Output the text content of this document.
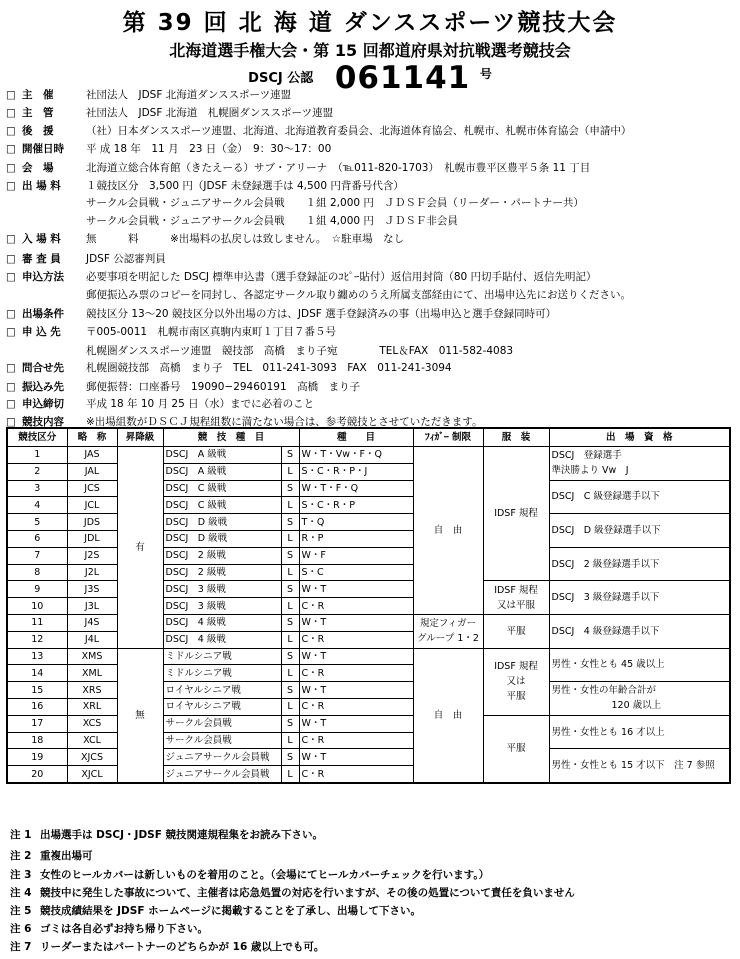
第 39 回 北 海 道 ダンススポーツ競技大会
北海道選手権大会・第 15 回都道府県対抗戦選考競技会
$^{DSCJ 公認}$ 061141 $^号$
□ 主　催	社団法人　JDSF 北海道ダンススポーツ連盟
□ 主　管	社団法人　JDSF 北海道　札幌圏ダンススポーツ連盟
□ 後　援	（社）日本ダンススポーツ連盟、北海道、北海道教育委員会、北海道体育協会、札幌市、札幌市体育協会（申請中）
□ 開催日時 平 成 18 年　11 月　23 日（金）　9：30〜17：00
□ 会　場	北海道立総合体育館（きたえーる）サブ・アリーナ　（℡011-820-1703）　札幌市豊平区豊平５条 11 丁目
□ 出 場 料 １競技区分　3,500 円（JDSF 未登録選手は 4,500 円背番号代含）
サークル会員戦・ジュニアサークル会員戦　　１組 2,000 円　ＪＤＳＦ会員（リーダー・パートナー共）
サークル会員戦・ジュニアサークル会員戦　　１組 4,000 円　ＪＤＳＦ非会員
□ 入 場 料 無　　　料　　　※出場料の払戻しは致しません。　☆駐車場　なし
□ 審 査 員 JDSF 公認審判員
□ 申込方法 必要事項を明記した DSCJ 標準申込書（選手登録証のｺﾋﾟｰ貼付）返信用封筒（80 円切手貼付、返信先明記）
郵便振込み票のコピーを同封し、各認定サークル取り纏めのうえ所属支部経由にて、出場申込先にお送りください。
□ 出場条件 競技区分 13〜20 競技区分以外出場の方は、JDSF 選手登録済みの事（出場申込と選手登録同時可）
□ 申 込 先 〒005-0011　札幌市南区真駒内東町１丁目７番５号
札幌圏ダンススポーツ連盟　競技部　高橋　まり子宛　　　　TEL＆FAX　011-582-4083
□ 問合せ先 札幌圏競技部　高橋　まり子　TEL　011-241-3093　FAX　011-241-3094
□ 振込み先 郵便振替：口座番号　19090−29460191　高橋　まり子
□ 申込締切 平成 18 年 10 月 25 日（水）までに必着のこと
□ 競技内容 ※出場組数がＤＳＣＪ規程組数に満たない場合は、参考競技とさせていただきます。
競技区分	略　称	昇降級	競　技　種　目		種　　目	ﾌｨｶﾞｰ 制限	服　装	出　場　資　格
1	JAS	有	DSCJ　A 級戦	S	W・T・Vw・F・Q	自　由	IDSF 規程	DSCJ　登録選手
準決勝より Vw　J

2	JAL		DSCJ　A 級戦	L	S・C・R・P・J			
3	JCS		DSCJ　C 級戦	S	W・T・F・Q			DSCJ　C 級登録選手以下

4	JCL		DSCJ　C 級戦	L	S・C・R・P			
5	JDS		DSCJ　D 級戦	S	T・Q			DSCJ　D 級登録選手以下

6	JDL		DSCJ　D 級戦	L	R・P			
7	J2S		DSCJ　2 級戦	S	W・F			DSCJ　2 級登録選手以下

8	J2L		DSCJ　2 級戦	L	S・C			
9	J3S		DSCJ　3 級戦	S	W・T		IDSF 規程
又は平服	DSCJ　3 級登録選手以下

10	J3L		DSCJ　3 級戦	L	C・R			
11	J4S		DSCJ　4 級戦	S	W・T	規定フィガー
グループ 1・2	平服	DSCJ　4 級登録選手以下

12	J4L		DSCJ　4 級戦	L	C・R			
13	XMS	無	ミドルシニア戦	S	W・T	自　由	IDSF 規程
又は
平服	男性・女性とも 45 歳以上

14	XML		ミドルシニア戦	L	C・R			
15	XRS		ロイヤルシニア戦	S	W・T			男性・女性の年齢合計が
120 歳以上

16	XRL		ロイヤルシニア戦	L	C・R			
17	XCS		サークル会員戦	S	W・T		平服	男性・女性とも 16 才以上

18	XCL		サークル会員戦	L	C・R			
19	XJCS		ジュニアサークル会員戦	S	W・T			男性・女性とも 15 才以下　注 7 参照

20	XJCL		ジュニアサークル会員戦	L	C・R			
注 1 出場選手は DSCJ・JDSF 競技関連規程集をお読み下さい。
注 2 重複出場可
注 3 女性のヒールカバーは新しいものを着用のこと。（会場にてヒールカバーチェックを行います。）
注 4 競技中に発生した事故について、主催者は応急処置の対応を行いますが、その後の処置について責任を負いません
注 5 競技成績結果を JDSF ホームページに掲載することを了承し、出場して下さい。
注 6 ゴミは各自必ずお持ち帰り下さい。
注 7 リーダーまたはパートナーのどちらかが 16 歳以上でも可。
